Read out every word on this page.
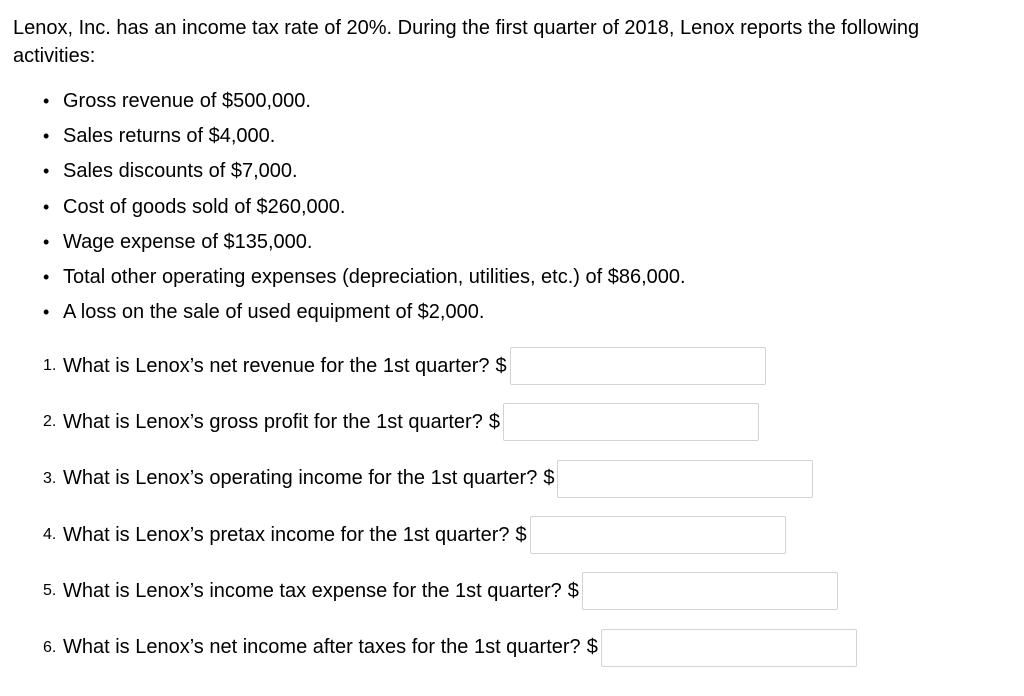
Lenox, Inc. has an income tax rate of 20%. During the first quarter of 2018, Lenox reports the following activities:

• Gross revenue of $500,000.
• Sales returns of $4,000.
• Sales discounts of $7,000.
• Cost of goods sold of $260,000.
• Wage expense of $135,000.
• Total other operating expenses (depreciation, utilities, etc.) of $86,000.
• A loss on the sale of used equipment of $2,000.
1. What is Lenox’s net revenue for the 1st quarter? $
2. What is Lenox’s gross profit for the 1st quarter? $
3. What is Lenox’s operating income for the 1st quarter? $
4. What is Lenox’s pretax income for the 1st quarter? $
5. What is Lenox’s income tax expense for the 1st quarter? $
6. What is Lenox’s net income after taxes for the 1st quarter? $
